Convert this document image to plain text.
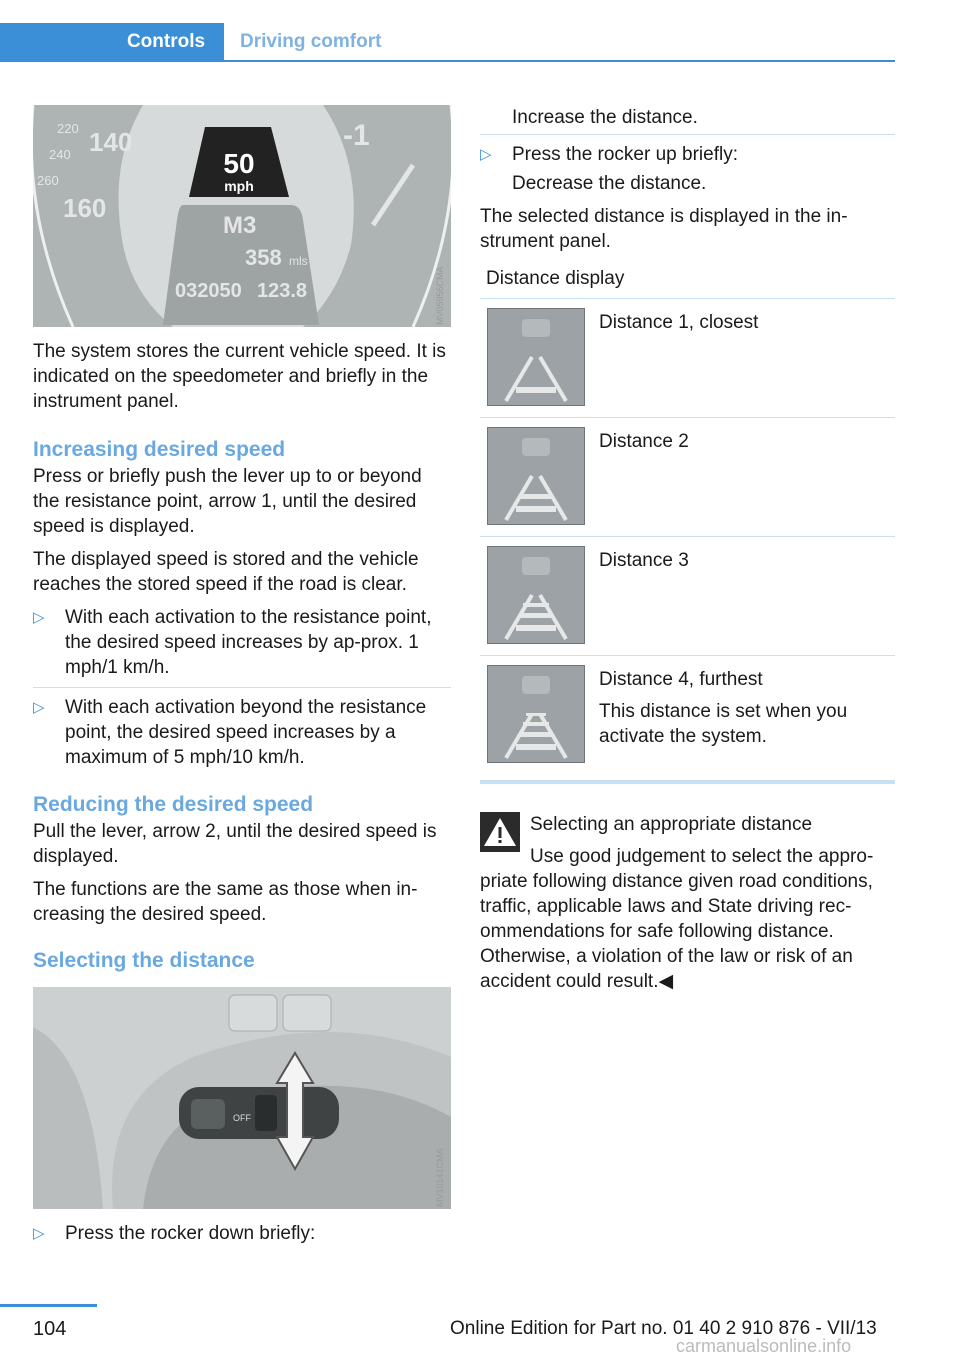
Controls Driving comfort
50
mph
M3
358 mls
032050 123.8
220
240
260
140
160
-1
MV05956CMA

The system stores the current vehicle speed. It is indicated on the speedometer and briefly in the instrument panel.

Increasing desired speed

Press or briefly push the lever up to or beyond the resistance point, arrow 1, until the desired speed is displayed.

The displayed speed is stored and the vehicle reaches the stored speed if the road is clear.

▷ With each activation to the resistance point, the desired speed increases by ap‐prox. 1 mph/1 km/h.
▷ With each activation beyond the resistance point, the desired speed increases by a maximum of 5 mph/10 km/h.
Reducing the desired speed

Pull the lever, arrow 2, until the desired speed is displayed.

The functions are the same as those when in‐creasing the desired speed.

Selecting the distance
OFF
MV10141CMA
▷ Press the rocker down briefly:
Increase the distance.
▷ Press the rocker up briefly:
Decrease the distance.

The selected distance is displayed in the in‐strument panel.

Distance display
Distance 1, closest
Distance 2
Distance 3
Distance 4, furthest
This distance is set when you activate the system.
Selecting an appropriate distance
Use good judgement to select the appro‐priate following distance given road conditions, traffic, applicable laws and State driving rec‐ommendations for safe following distance. Otherwise, a violation of the law or risk of an accident could result.◀
104	Online Edition for Part no. 01 40 2 910 876 - VII/13
carmanualsonline.info
